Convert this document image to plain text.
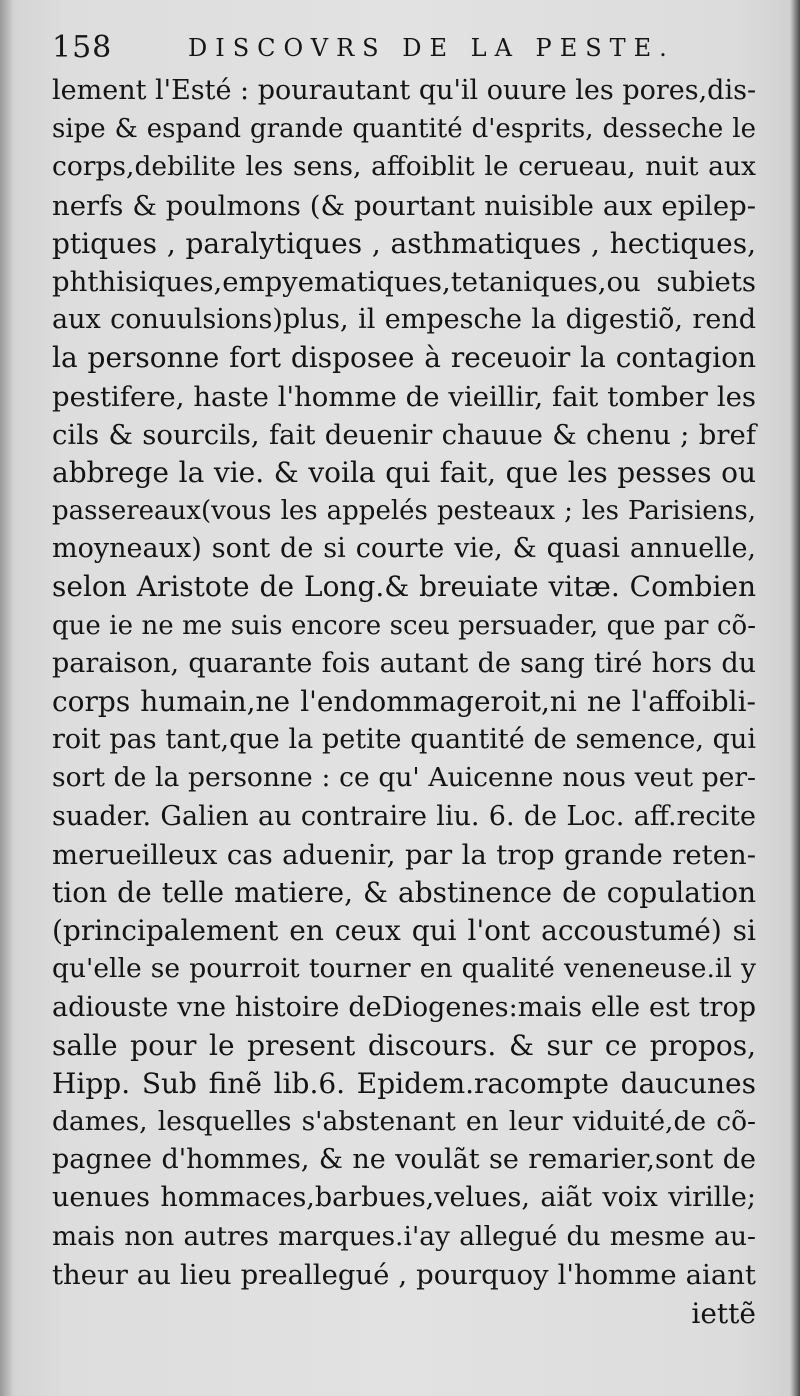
158	DISCOVRS DE LA PESTE.
lement l'Esté : pourautant qu'il ouure les pores,dis-
sipe & espand grande quantité d'esprits, desseche le
corps,debilite les sens, affoiblit le cerueau, nuit aux
nerfs & poulmons (& pourtant nuisible aux epilep-
ptiques , paralytiques , asthmatiques , hectiques,
phthisiques,empyematiques,tetaniques,ou subiets
aux conuulsions)plus, il empesche la digestiõ, rend
la personne fort disposee à receuoir la contagion
pestifere, haste l'homme de vieillir, fait tomber les
cils & sourcils, fait deuenir chauue & chenu ; bref
abbrege la vie. & voila qui fait, que les pesses ou
passereaux(vous les appelés pesteaux ; les Parisiens,
moyneaux) sont de si courte vie, & quasi annuelle,
selon Aristote de Long.& breuiate vitæ. Combien
que ie ne me suis encore sceu persuader, que par cõ-
paraison, quarante fois autant de sang tiré hors du
corps humain,ne l'endommageroit,ni ne l'affoibli-
roit pas tant,que la petite quantité de semence, qui
sort de la personne : ce qu' Auicenne nous veut per-
suader. Galien au contraire liu. 6. de Loc. aff.recite
merueilleux cas aduenir, par la trop grande reten-
tion de telle matiere, & abstinence de copulation
(principalement en ceux qui l'ont accoustumé) si
qu'elle se pourroit tourner en qualité veneneuse.il y
adiouste vne histoire deDiogenes:mais elle est trop
salle pour le present discours. & sur ce propos,
Hipp. Sub finẽ lib.6. Epidem.racompte daucunes
dames, lesquelles s'abstenant en leur viduité,de cõ-
pagnee d'hommes, & ne voulãt se remarier,sont de
uenues hommaces,barbues,velues, aiãt voix virille;
mais non autres marques.i'ay allegué du mesme au-
theur au lieu preallegué , pourquoy l'homme aiant
iettẽ
